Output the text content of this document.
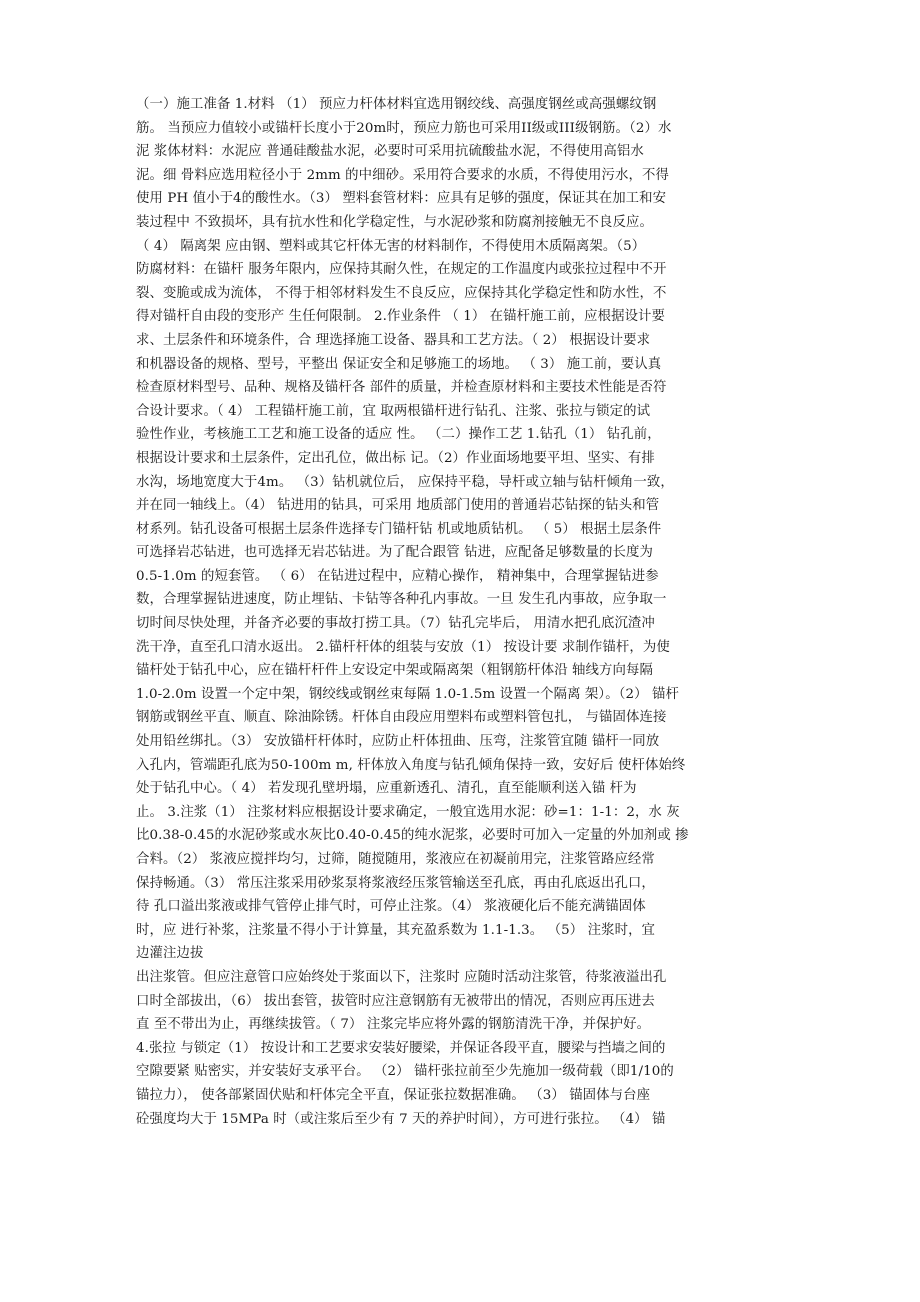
（一）施工准备 1.材料 （1） 预应力杆体材料宜选用钢绞线、高强度钢丝或高强螺纹钢
筋。 当预应力值较小或锚杆长度小于20m时，预应力筋也可采用II级或III级钢筋。（2）水
泥 浆体材料：水泥应 普通硅酸盐水泥，必要时可采用抗硫酸盐水泥，不得使用高铝水
泥。细 骨料应选用粒径小于 2mm 的中细砂。采用符合要求的水质，不得使用污水，不得
使用 PH 值小于4的酸性水。（3） 塑料套管材料：应具有足够的强度，保证其在加工和安
装过程中 不致损坏，具有抗水性和化学稳定性，与水泥砂浆和防腐剂接触无不良反应。
（ 4） 隔离架 应由钢、塑料或其它杆体无害的材料制作，不得使用木质隔离架。（5）
防腐材料：在锚杆 服务年限内，应保持其耐久性，在规定的工作温度内或张拉过程中不开
裂、变脆或成为流体， 不得于相邻材料发生不良反应，应保持其化学稳定性和防水性，不
得对锚杆自由段的变形产 生任何限制。 2.作业条件 （ 1） 在锚杆施工前，应根据设计要
求、土层条件和环境条件，合 理选择施工设备、器具和工艺方法。（ 2） 根据设计要求
和机器设备的规格、型号，平整出 保证安全和足够施工的场地。 （ 3） 施工前，要认真
检查原材料型号、品种、规格及锚杆各 部件的质量，并检查原材料和主要技术性能是否符
合设计要求。（ 4） 工程锚杆施工前，宜 取两根锚杆进行钻孔、注浆、张拉与锁定的试
验性作业，考核施工工艺和施工设备的适应 性。 （二）操作工艺 1.钻孔（1） 钻孔前，
根据设计要求和土层条件，定出孔位，做出标 记。（2）作业面场地要平坦、坚实、有排
水沟，场地宽度大于4m。 （3）钻机就位后， 应保持平稳，导杆或立轴与钻杆倾角一致，
并在同一轴线上。（4） 钻进用的钻具，可采用 地质部门使用的普通岩芯钻探的钻头和管
材系列。钻孔设备可根据土层条件选择专门锚杆钻 机或地质钻机。 （ 5） 根据土层条件
可选择岩芯钻进，也可选择无岩芯钻进。为了配合跟管 钻进，应配备足够数量的长度为
0.5-1.0m 的短套管。 （ 6） 在钻进过程中，应精心操作， 精神集中，合理掌握钻进参
数，合理掌握钻进速度，防止埋钻、卡钻等各种孔内事故。一旦 发生孔内事故，应争取一
切时间尽快处理，并备齐必要的事故打捞工具。（7）钻孔完毕后， 用清水把孔底沉渣冲
洗干净，直至孔口清水返出。 2.锚杆杆体的组装与安放（1） 按设计要 求制作锚杆，为使
锚杆处于钻孔中心，应在锚杆杆件上安设定中架或隔离架（粗钢筋杆体沿 轴线方向每隔
1.0-2.0m 设置一个定中架，钢绞线或钢丝束每隔 1.0-1.5m 设置一个隔离 架）。（2） 锚杆
钢筋或钢丝平直、顺直、除油除锈。杆体自由段应用塑料布或塑料管包扎， 与锚固体连接
处用铅丝绑扎。（3） 安放锚杆杆体时，应防止杆体扭曲、压弯，注浆管宜随 锚杆一同放
入孔内，管端距孔底为50-100m m, 杆体放入角度与钻孔倾角保持一致，安好后 使杆体始终
处于钻孔中心。（ 4） 若发现孔壁坍塌，应重新透孔、清孔，直至能顺利送入锚 杆为
止。 3.注浆（1） 注浆材料应根据设计要求确定，一般宜选用水泥：砂=1：1-1：2，水 灰
比0.38-0.45的水泥砂浆或水灰比0.40-0.45的纯水泥浆，必要时可加入一定量的外加剂或 掺
合料。（2） 浆液应搅拌均匀，过筛，随搅随用，浆液应在初凝前用完，注浆管路应经常
保持畅通。（3） 常压注浆采用砂浆泵将浆液经压浆管输送至孔底，再由孔底返出孔口，
待 孔口溢出浆液或排气管停止排气时，可停止注浆。（4） 浆液硬化后不能充满锚固体
时，应 进行补浆，注浆量不得小于计算量，其充盈系数为 1.1-1.3。 （5） 注浆时，宜
边灌注边拔
出注浆管。但应注意管口应始终处于浆面以下，注浆时 应随时活动注浆管，待浆液溢出孔
口时全部拔出，（6） 拔出套管，拔管时应注意钢筋有无被带出的情况，否则应再压进去
直 至不带出为止，再继续拔管。（ 7） 注浆完毕应将外露的钢筋清洗干净，并保护好。
4.张拉 与锁定（1） 按设计和工艺要求安装好腰梁，并保证各段平直，腰梁与挡墙之间的
空隙要紧 贴密实，并安装好支承平台。 （2） 锚杆张拉前至少先施加一级荷载（即1/10的
锚拉力）， 使各部紧固伏贴和杆体完全平直，保证张拉数据准确。 （3） 锚固体与台座
砼强度均大于 15MPa 时（或注浆后至少有 7 天的养护时间），方可进行张拉。 （4） 锚
